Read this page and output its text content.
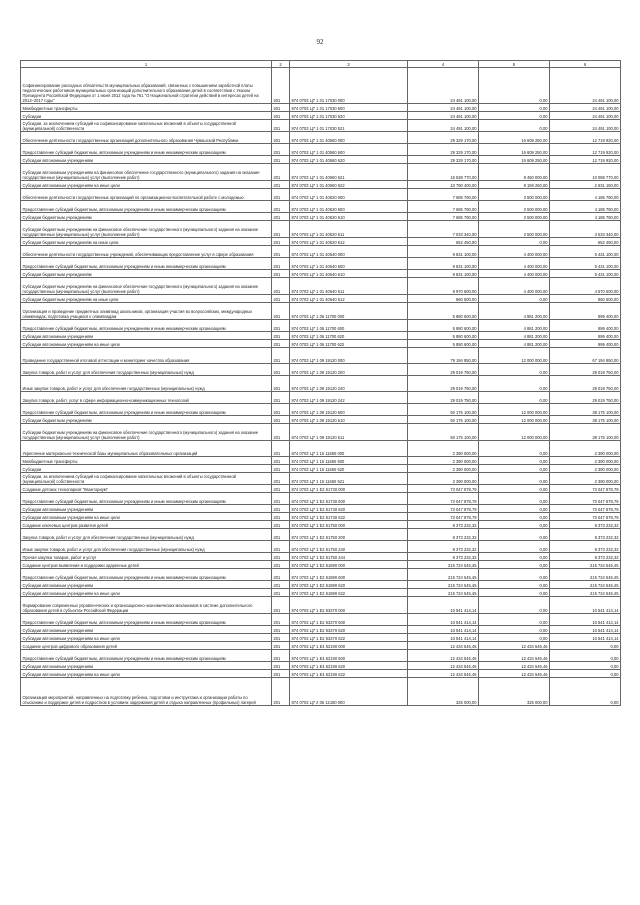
92
1	2	3	4	5	6
Софинансирование расходных обязательств муниципальных образований, связанных с повышением заработной платы педагогических работников муниципальных организаций дополнительного образования детей в соответствии с Указом Президента Российской Федерации от 1 июня 2012 года № 761 "О Национальной стратегии действий в интересах детей на 2012–2017 годы"	201	874 0703 Ц7 1 01 17030 000	24 491 100,00	0,00	24 491 100,00
Межбюджетные трансферты	201	874 0703 Ц7 1 01 17030 500	24 491 100,00	0,00	24 491 100,00
Субсидии	201	874 0703 Ц7 1 01 17030 520	24 491 100,00	0,00	24 491 100,00
Субсидии, за исключением субсидий на софинансирование капитальных вложений в объекты государственной (муниципальной) собственности	201	874 0703 Ц7 1 01 17030 521	24 491 100,00	0,00	24 491 100,00
Обеспечение деятельности государственных организаций дополнительного образования Чувашской Республики	201	874 0703 Ц7 1 01 40560 000	29 329 170,00	16 609 250,00	12 719 920,00
Предоставление субсидий бюджетным, автономным учреждениям и иным некоммерческим организациям	201	874 0703 Ц7 1 01 40560 600	29 329 170,00	16 609 250,00	12 719 920,00
Субсидии автономным учреждениям	201	874 0703 Ц7 1 01 40560 620	29 329 170,00	16 609 250,00	12 719 920,00
Субсидии автономным учреждениям на финансовое обеспечение государственного (муниципального) задания на оказание государственных (муниципальных) услуг (выполнение работ)	201	874 0703 Ц7 1 01 40560 621	16 538 770,00	8 450 000,00	10 088 770,00
Субсидии автономным учреждениям на иные цели	201	874 0703 Ц7 1 01 40560 622	10 790 400,00	8 159 250,00	2 631 150,00
Обеспечение деятельности государственных организаций по организационно-воспитательной работе с молодежью	201	874 0703 Ц7 1 01 40620 000	7 685 790,00	3 500 000,00	4 185 790,00
Предоставление субсидий бюджетным, автономным учреждениям и иным некоммерческим организациям	201	874 0703 Ц7 1 01 40620 600	7 685 790,00	3 500 000,00	4 185 790,00
Субсидии бюджетным учреждениям	201	874 0703 Ц7 1 01 40620 610	7 685 790,00	3 500 000,00	4 185 790,00
Субсидии бюджетным учреждениям на финансовое обеспечение государственного (муниципального) задания на оказание государственных (муниципальных) услуг (выполнение работ)	201	874 0703 Ц7 1 01 40620 611	7 033 340,00	3 500 000,00	3 533 340,00
Субсидии бюджетным учреждениям на иные цели	201	874 0703 Ц7 1 01 40620 612	652 450,00	0,00	652 450,00
Обеспечение деятельности государственных учреждений, обеспечивающих предоставление услуг в сфере образования	201	874 0703 Ц7 1 01 40640 000	9 831 100,00	4 400 000,00	5 431 100,00
Предоставление субсидий бюджетным, автономным учреждениям и иным некоммерческим организациям	201	874 0703 Ц7 1 01 40640 600	9 831 100,00	4 400 000,00	5 431 100,00
Субсидии бюджетным учреждениям	201	874 0703 Ц7 1 01 40640 610	9 831 100,00	4 400 000,00	5 431 100,00
Субсидии бюджетным учреждениям на финансовое обеспечение государственного (муниципального) задания на оказание государственных (муниципальных) услуг (выполнение работ)	201	874 0703 Ц7 1 01 40640 611	8 970 600,00	4 400 000,00	4 570 600,00
Субсидии бюджетным учреждениям на иные цели	201	874 0703 Ц7 1 01 40640 612	860 500,00	0,00	860 500,00
Организация и проведение предметных олимпиад школьников, организация участия во всероссийских, международных олимпиадах, подготовка учащихся к олимпиадам	201	874 0703 Ц7 1 06 11700 000	5 880 600,00	4 881 200,00	999 400,00
Предоставление субсидий бюджетным, автономным учреждениям и иным некоммерческим организациям	201	874 0703 Ц7 1 06 11700 600	5 880 600,00	4 881 200,00	999 400,00
Субсидии автономным учреждениям	201	874 0703 Ц7 1 06 11700 620	5 880 600,00	4 881 200,00	999 400,00
Субсидии автономным учреждениям на иные цели	201	874 0703 Ц7 1 06 11700 622	5 880 600,00	4 881 200,00	999 400,00
Проведение государственной итоговой аттестации и мониторинг качества образования	201	874 0703 Ц7 1 09 19120 000	79 194 850,00	12 000 000,00	67 194 850,00
Закупка товаров, работ и услуг для обеспечения государственных (муниципальных) нужд	201	874 0703 Ц7 1 09 19120 200	29 019 750,00	0,00	29 019 750,00
Иные закупки товаров, работ и услуг для обеспечения государственных (муниципальных) нужд	201	874 0703 Ц7 1 09 19120 240	29 019 750,00	0,00	29 019 750,00
Закупка товаров, работ, услуг в сфере информационно-коммуникационных технологий	201	874 0703 Ц7 1 09 19120 242	29 019 750,00	0,00	29 019 750,00
Предоставление субсидий бюджетным, автономным учреждениям и иным некоммерческим организациям	201	874 0703 Ц7 1 09 19120 600	50 175 100,00	12 000 000,00	38 175 100,00
Субсидии бюджетным учреждениям	201	874 0703 Ц7 1 09 19120 610	50 175 100,00	12 000 000,00	38 175 100,00
Субсидии бюджетным учреждениям на финансовое обеспечение государственного (муниципального) задания на оказание государственных (муниципальных) услуг (выполнение работ)	201	874 0703 Ц7 1 09 19120 611	50 175 100,00	12 000 000,00	38 175 100,00
Укрепление материально-технической базы муниципальных образовательных организаций	201	874 0703 Ц7 1 15 11660 000	2 390 000,00	0,00	2 390 000,00
Межбюджетные трансферты	201	874 0703 Ц7 1 15 11660 500	2 390 000,00	0,00	2 390 000,00
Субсидии	201	874 0703 Ц7 1 15 11660 520	2 390 000,00	0,00	2 390 000,00
Субсидии, за исключением субсидий на софинансирование капитальных вложений в объекты государственной (муниципальной) собственности	201	874 0703 Ц7 1 15 11660 521	2 390 000,00	0,00	2 390 000,00
Создание детских технопарков "Кванториум"	201	874 0703 Ц7 1 E2 51730 000	73 047 878,79	0,00	73 047 878,79
Предоставление субсидий бюджетным, автономным учреждениям и иным некоммерческим организациям	201	874 0703 Ц7 1 E2 51730 600	73 047 878,79	0,00	73 047 878,79
Субсидии автономным учреждениям	201	874 0703 Ц7 1 E2 51730 620	73 047 878,79	0,00	73 047 878,79
Субсидии автономным учреждениям на иные цели	201	874 0703 Ц7 1 E2 51730 622	73 047 878,79	0,00	73 047 878,79
Создание ключевых центров развития детей	201	874 0703 Ц7 1 E2 51750 000	8 373 232,32	0,00	8 373 232,32
Закупка товаров, работ и услуг для обеспечения государственных (муниципальных) нужд	201	874 0703 Ц7 1 E2 51750 200	8 373 232,32	0,00	8 373 232,32
Иные закупки товаров, работ и услуг для обеспечения государственных (муниципальных) нужд	201	874 0703 Ц7 1 E2 51750 240	8 373 232,32	0,00	8 373 232,32
Прочая закупка товаров, работ и услуг	201	874 0703 Ц7 1 E2 51750 244	8 373 232,32	0,00	8 373 232,32
Создание центров выявления и поддержки одаренных детей	201	874 0703 Ц7 1 E2 51890 000	215 724 545,45	0,00	215 724 545,45
Предоставление субсидий бюджетным, автономным учреждениям и иным некоммерческим организациям	201	874 0703 Ц7 1 E2 51890 600	215 724 545,45	0,00	215 724 545,45
Субсидии автономным учреждениям	201	874 0703 Ц7 1 E2 51890 620	215 724 545,45	0,00	215 724 545,45
Субсидии автономным учреждениям на иные цели	201	874 0703 Ц7 1 E2 51890 622	215 724 545,45	0,00	215 724 545,45
Формирование современных управленческих и организационно-экономических механизмов в системе дополнительного образования детей в субъектах Российской Федерации	201	874 0703 Ц7 1 E2 53370 000	10 541 414,14	0,00	10 541 414,14
Предоставление субсидий бюджетным, автономным учреждениям и иным некоммерческим организациям	201	874 0703 Ц7 1 E2 53370 600	10 541 414,14	0,00	10 541 414,14
Субсидии автономным учреждениям	201	874 0703 Ц7 1 E2 53370 620	10 541 414,14	0,00	10 541 414,14
Субсидии автономным учреждениям на иные цели	201	874 0703 Ц7 1 E2 53370 622	10 541 414,14	0,00	10 541 414,14
Создание центров цифрового образования детей	201	874 0703 Ц7 1 E4 52190 000	12 434 545,45	12 434 545,45	0,00
Предоставление субсидий бюджетным, автономным учреждениям и иным некоммерческим организациям	201	874 0703 Ц7 1 E4 52190 600	12 434 545,45	12 434 545,45	0,00
Субсидии автономным учреждениям	201	874 0703 Ц7 1 E4 52190 620	12 434 545,45	12 434 545,45	0,00
Субсидии автономным учреждениям на иные цели	201	874 0703 Ц7 1 E4 52190 622	12 434 545,45	12 434 545,45	0,00
Организация мероприятий, направленных на подготовку ребенка, подготовки и инструктажа и организации работы по отысканию и поддержке детей и подростков в условиях задержания детей и отдыха направленных (профильных) лагерей	201	874 0703 Ц7 2 05 12180 000	325 000,00	325 000,00	0,00
